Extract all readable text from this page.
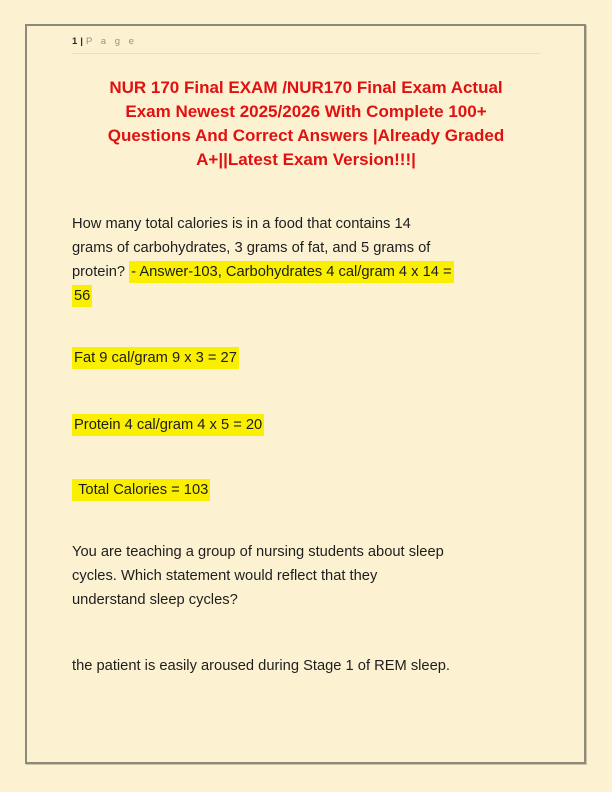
1 | P a g e
NUR 170 Final EXAM /NUR170 Final Exam Actual
Exam Newest 2025/2026 With Complete 100+
Questions And Correct Answers |Already Graded
A+||Latest Exam Version!!!|
How many total calories is in a food that contains 14
grams of carbohydrates, 3 grams of fat, and 5 grams of
protein? - Answer-103, Carbohydrates 4 cal/gram 4 x 14 =
56
Fat 9 cal/gram 9 x 3 = 27
Protein 4 cal/gram 4 x 5 = 20
Total Calories = 103
You are teaching a group of nursing students about sleep
cycles. Which statement would reflect that they
understand sleep cycles?
the patient is easily aroused during Stage 1 of REM sleep.
